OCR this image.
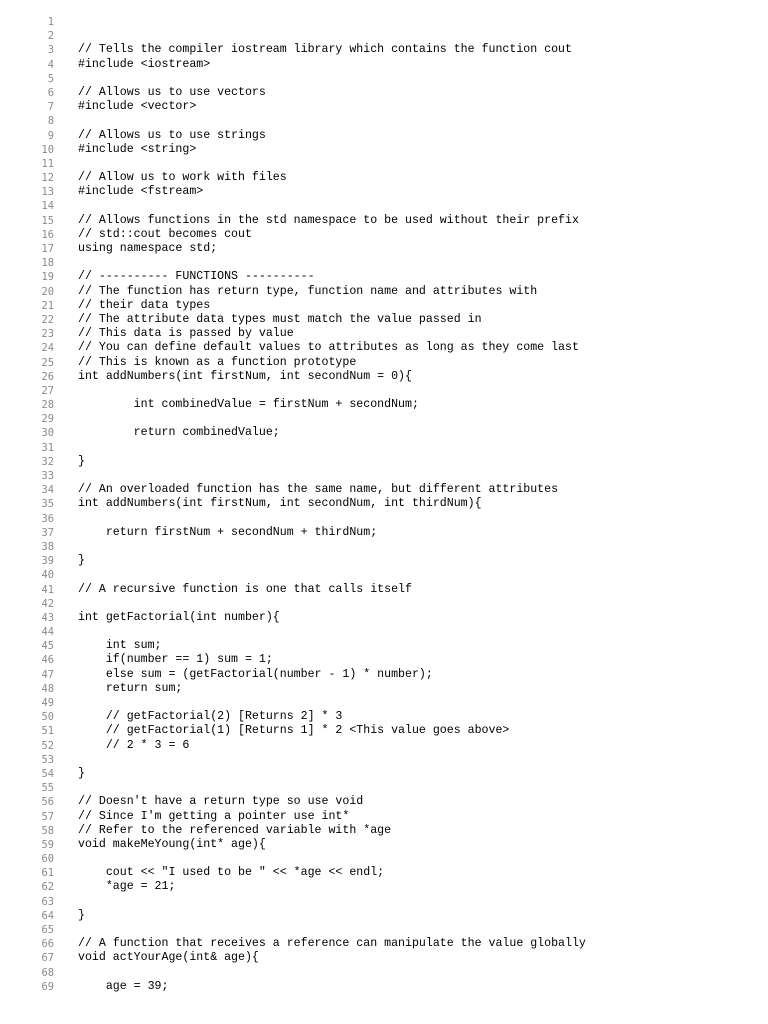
1
2
3 // Tells the compiler iostream library which contains the function cout
4 #include <iostream>
5
6 // Allows us to use vectors
7 #include <vector>
8
9 // Allows us to use strings
10 #include <string>
11
12 // Allow us to work with files
13 #include <fstream>
14
15 // Allows functions in the std namespace to be used without their prefix
16 // std::cout becomes cout
17 using namespace std;
18
19 // ---------- FUNCTIONS ----------
20 // The function has return type, function name and attributes with
21 // their data types
22 // The attribute data types must match the value passed in
23 // This data is passed by value
24 // You can define default values to attributes as long as they come last
25 // This is known as a function prototype
26 int addNumbers(int firstNum, int secondNum = 0){
27
28 int combinedValue = firstNum + secondNum;
29
30 return combinedValue;
31
32 }
33
34 // An overloaded function has the same name, but different attributes
35 int addNumbers(int firstNum, int secondNum, int thirdNum){
36
37 return firstNum + secondNum + thirdNum;
38
39 }
40
41 // A recursive function is one that calls itself
42
43 int getFactorial(int number){
44
45 int sum;
46 if(number == 1) sum = 1;
47 else sum = (getFactorial(number - 1) * number);
48 return sum;
49
50 // getFactorial(2) [Returns 2] * 3
51 // getFactorial(1) [Returns 1] * 2 <This value goes above>
52 // 2 * 3 = 6
53
54 }
55
56 // Doesn't have a return type so use void
57 // Since I'm getting a pointer use int*
58 // Refer to the referenced variable with *age
59 void makeMeYoung(int* age){
60
61 cout << "I used to be " << *age << endl;
62 *age = 21;
63
64 }
65
66 // A function that receives a reference can manipulate the value globally
67 void actYourAge(int& age){
68
69 age = 39;
